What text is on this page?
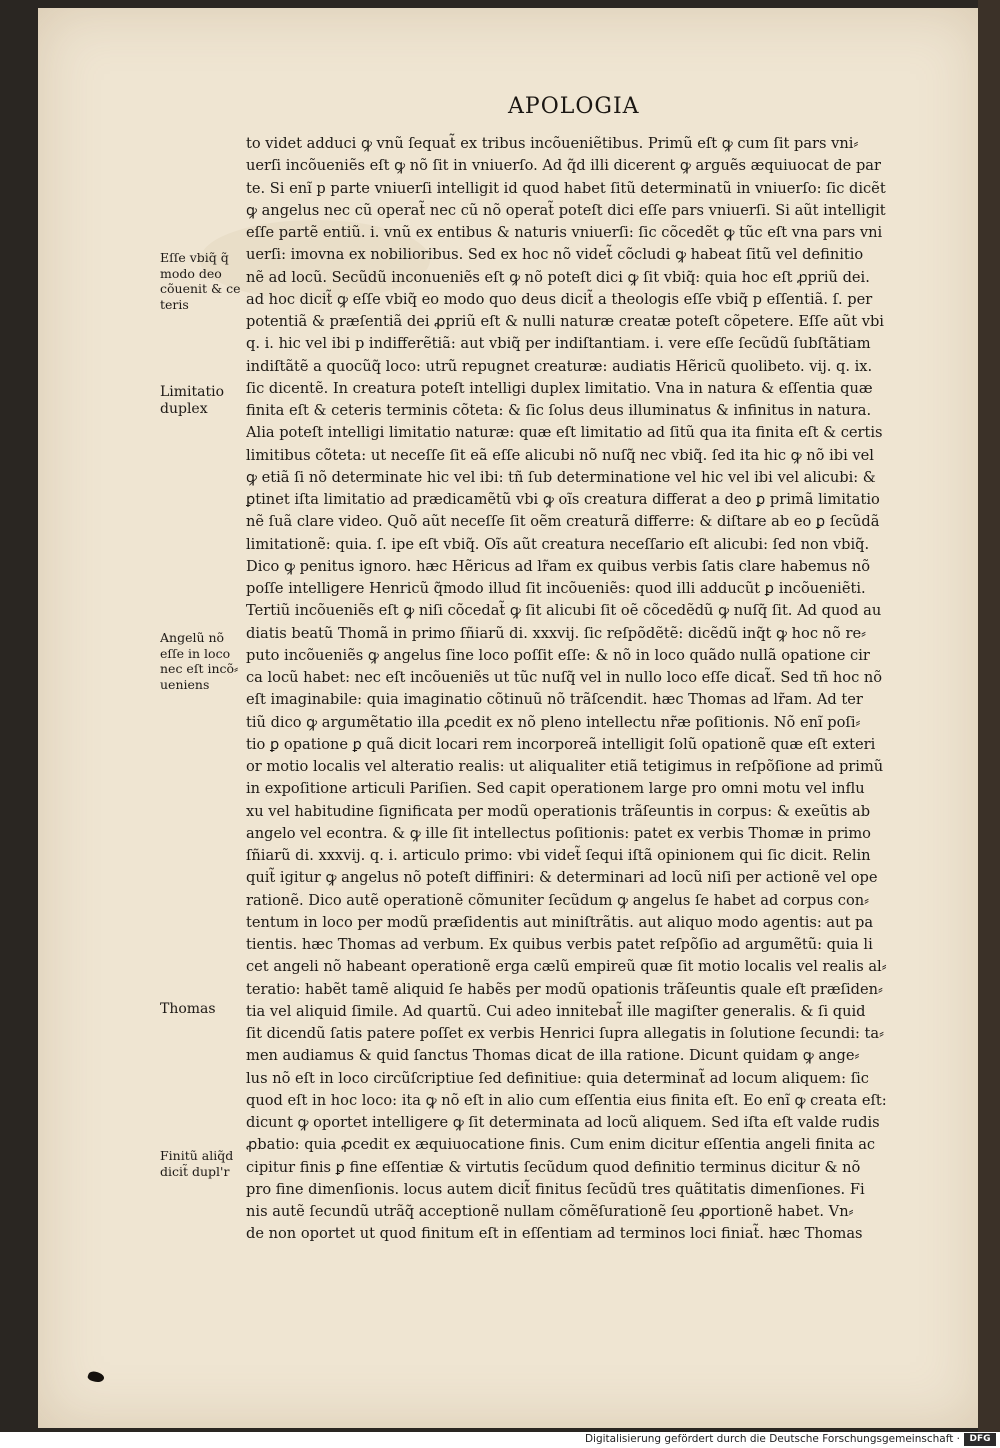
APOLOGIA
to videt adduci ꝙ vnũ ſequat̃ ex tribus incõueniẽtibus. Primũ eſt ꝙ cum ſit pars vni⸗
uerſi incõueniẽs eſt ꝙ nõ ſit in vniuerſo. Ad q̃d illi dicerent ꝙ arguẽs æquiuocat de par
te. Si enĩ p parte vniuerſi intelligit id quod habet ſitũ determinatũ in vniuerſo: ſic dicẽt
ꝙ angelus nec cũ operat̃ nec cũ nõ operat̃ poteſt dici eſſe pars vniuerſi. Si aũt intelligit
eſſe partẽ entiũ. i. vnũ ex entibus & naturis vniuerſi: ſic cõcedẽt ꝙ tũc eſt vna pars vni
uerſi: imovna ex nobilioribus. Sed ex hoc nõ videt̃ cõcludi ꝙ habeat ſitũ vel definitio
nẽ ad locũ. Secũdũ inconueniẽs eſt ꝙ nõ poteſt dici ꝙ ſit vbiq̃: quia hoc eſt ꝓpriũ dei.
ad hoc dicit̃ ꝙ eſſe vbiq̃ eo modo quo deus dicit̃ a theologis eſſe vbiq̃ p eſſentiã. ſ. per
potentiã & præſentiã dei ꝓpriũ eſt & nulli naturæ creatæ poteſt cõpetere. Eſſe aũt vbi
q. i. hic vel ibi p indifferẽtiã: aut vbiq̃ per indiſtantiam. i. vere eſſe ſecũdũ ſubſtãtiam
indiſtãtẽ a quocũq̃ loco: utrũ repugnet creaturæ: audiatis Hẽricũ quolibeto. vij. q. ix.
ſic dicentẽ. In creatura poteſt intelligi duplex limitatio. Vna in natura & eſſentia quæ
finita eſt & ceteris terminis cõteta: & ſic ſolus deus illuminatus & infinitus in natura.
Alia poteſt intelligi limitatio naturæ: quæ eſt limitatio ad ſitũ qua ita finita eſt & certis
limitibus cõteta: ut neceſſe ſit eã eſſe alicubi nõ nuſq̃ nec vbiq̃. ſed ita hic ꝙ nõ ibi vel
ꝙ etiã ſi nõ determinate hic vel ibi: tñ ſub determinatione vel hic vel ibi vel alicubi: &
ꝑtinet iſta limitatio ad prædicamẽtũ vbi ꝙ oĩs creatura differat a deo ꝑ primã limitatio
nẽ ſuã clare video. Quõ aũt neceſſe ſit oẽm creaturã differre: & diſtare ab eo ꝑ ſecũdã
limitationẽ: quia. ſ. ipe eſt vbiq̃. Oĩs aũt creatura neceſſario eſt alicubi: ſed non vbiq̃.
Dico ꝙ penitus ignoro. hæc Hẽricus ad lr̃am ex quibus verbis ſatis clare habemus nõ
poſſe intelligere Henricũ q̃modo illud ſit incõueniẽs: quod illi adducũt ꝑ incõueniẽti.
Tertiũ incõueniẽs eſt ꝙ niſi cõcedat̃ ꝙ ſit alicubi ſit oẽ cõcedẽdũ ꝙ nuſq̃ ſit. Ad quod au
diatis beatũ Thomã in primo ſñiarũ di. xxxvij. ſic reſpõdẽtẽ: dicẽdũ inq̃t ꝙ hoc nõ re⸗
puto incõueniẽs ꝙ angelus ſine loco poſſit eſſe: & nõ in loco quãdo nullã opatione cir
ca locũ habet: nec eſt incõueniẽs ut tũc nuſq̃ vel in nullo loco eſſe dicat̃. Sed tñ hoc nõ
eſt imaginabile: quia imaginatio cõtinuũ nõ trãſcendit. hæc Thomas ad lr̃am. Ad ter
tiũ dico ꝙ argumẽtatio illa ꝓcedit ex nõ pleno intellectu nr̃æ poſitionis. Nõ enĩ poſi⸗
tio ꝑ opatione ꝑ quã dicit locari rem incorporeã intelligit ſolũ opationẽ quæ eſt exteri
or motio localis vel alteratio realis: ut aliqualiter etiã tetigimus in reſpõſione ad primũ
in expoſitione articuli Pariſien. Sed capit operationem large pro omni motu vel influ
xu vel habitudine ſignificata per modũ operationis trãſeuntis in corpus: & exeũtis ab
angelo vel econtra. & ꝙ ille ſit intellectus poſitionis: patet ex verbis Thomæ in primo
ſñiarũ di. xxxvij. q. i. articulo primo: vbi videt̃ ſequi iſtã opinionem qui ſic dicit. Relin
quit̃ igitur ꝙ angelus nõ poteſt diffiniri: & determinari ad locũ niſi per actionẽ vel ope
rationẽ. Dico autẽ operationẽ cõmuniter ſecũdum ꝙ angelus ſe habet ad corpus con⸗
tentum in loco per modũ præſidentis aut miniſtrãtis. aut aliquo modo agentis: aut pa
tientis. hæc Thomas ad verbum. Ex quibus verbis patet reſpõſio ad argumẽtũ: quia li
cet angeli nõ habeant operationẽ erga cælũ empireũ quæ ſit motio localis vel realis al⸗
teratio: habẽt tamẽ aliquid ſe habẽs per modũ opationis trãſeuntis quale eſt præſiden⸗
tia vel aliquid ſimile. Ad quartũ. Cui adeo innitebat̃ ille magiſter generalis. & ſi quid
ſit dicendũ ſatis patere poſſet ex verbis Henrici ſupra allegatis in ſolutione ſecundi: ta⸗
men audiamus & quid ſanctus Thomas dicat de illa ratione. Dicunt quidam ꝙ ange⸗
lus nõ eſt in loco circũſcriptiue ſed definitiue: quia determinat̃ ad locum aliquem: ſic
quod eſt in hoc loco: ita ꝙ nõ eſt in alio cum eſſentia eius finita eſt. Eo enĩ ꝙ creata eſt:
dicunt ꝙ oportet intelligere ꝙ ſit determinata ad locũ aliquem. Sed iſta eſt valde rudis
ꝓbatio: quia ꝓcedit ex æquiuocatione finis. Cum enim dicitur eſſentia angeli finita ac
cipitur finis ꝑ fine eſſentiæ & virtutis ſecũdum quod definitio terminus dicitur & nõ
pro fine dimenſionis. locus autem dicit̃ finitus ſecũdũ tres quãtitatis dimenſiones. Fi
nis autẽ ſecundũ utrãq̃ acceptionẽ nullam cõmẽſurationẽ ſeu ꝓportionẽ habet. Vn⸗
de non oportet ut quod finitum eſt in eſſentiam ad terminos loci finiat̃. hæc Thomas
Eſſe vbiq̃ q̃
modo deo
cõuenit & ce
teris
Limitatio
duplex
Angelũ nõ
eſſe in loco
nec eſt incõ⸗
ueniens
Thomas
Finitũ aliq̃d
dicit̃ dupl'r
Digitalisierung gefördert durch die Deutsche Forschungsgemeinschaft ·	DFG
